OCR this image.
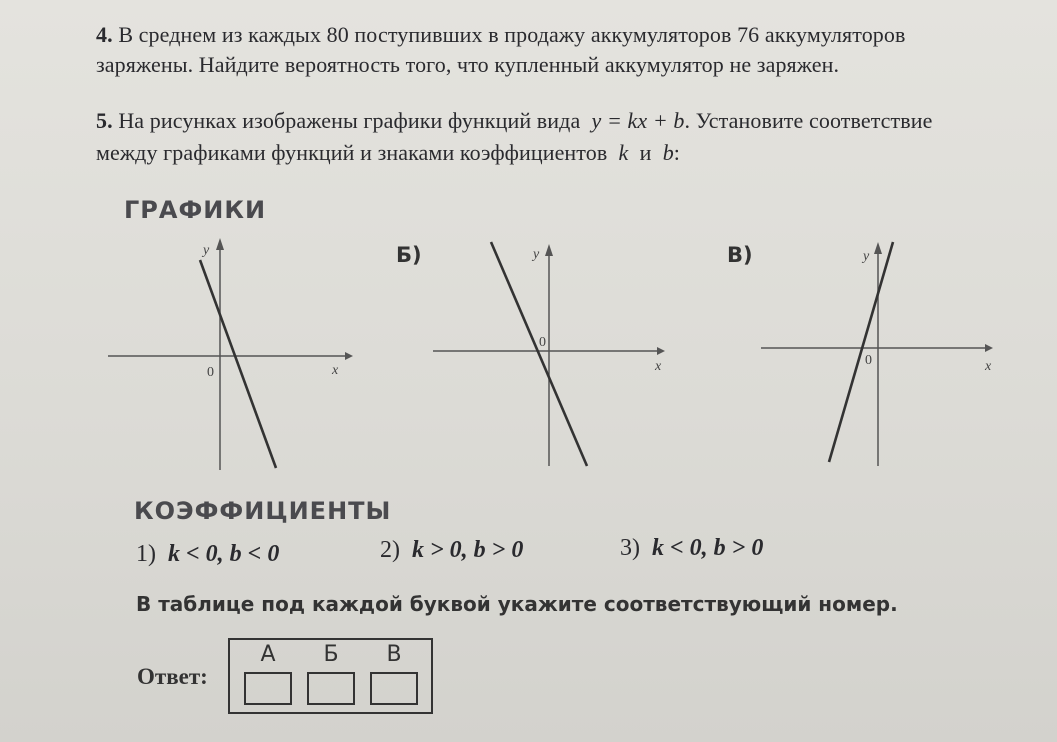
4. В среднем из каждых 80 поступивших в продажу аккумуляторов 76 аккумуляторов
заряжены. Найдите вероятность того, что купленный аккумулятор не заряжен.
5. На рисунках изображены графики функций вида y = kx + b. Установите соответствие
между графиками функций и знаками коэффициентов k и b:
ГРАФИКИ
Б)	В)
y
x
0
y
x
0
y
x
0
КОЭФФИЦИЕНТЫ
1) k < 0, b < 0	2) k > 0, b > 0	3) k < 0, b > 0
В таблице под каждой буквой укажите соответствующий номер.
Ответ:
А	Б	В
